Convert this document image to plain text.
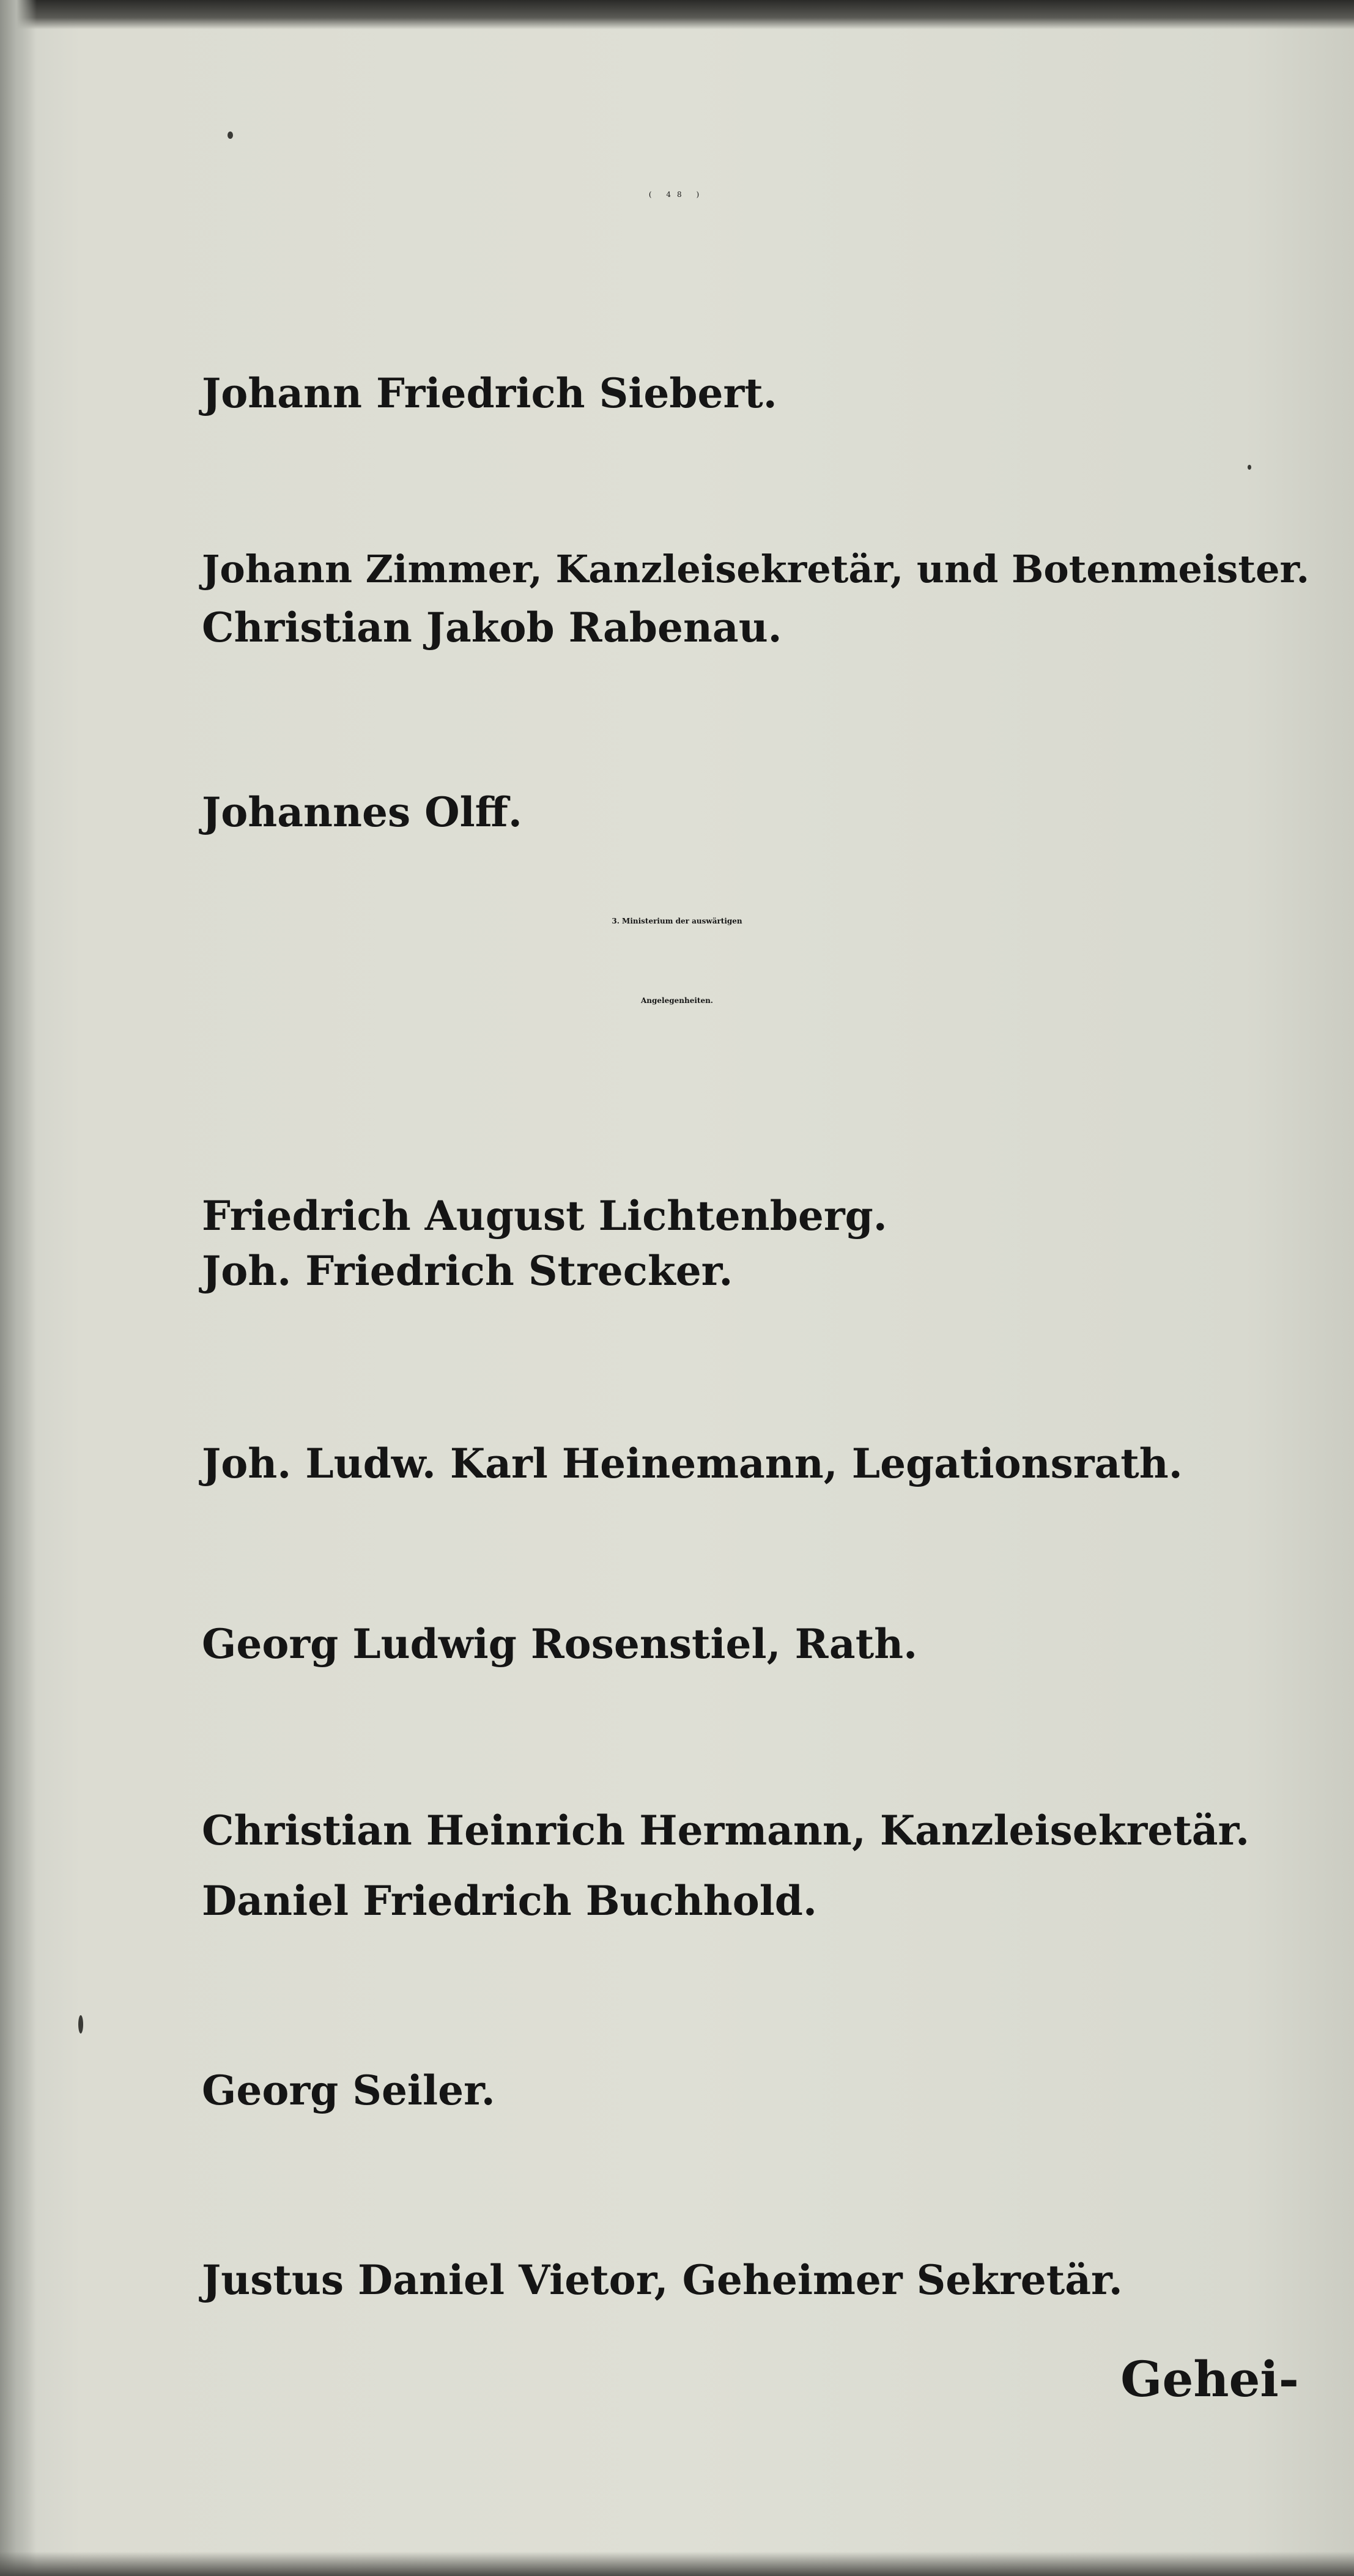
( 48 )

Johann Friedrich Siebert.

Johann Zimmer, Kanzleisekretär, und Botenmeister.

Christian Jakob Rabenau.

Johannes Olff.

3. Ministerium der auswärtigen

Angelegenheiten.

Friedrich August Lichtenberg.

Joh. Friedrich Strecker.

Joh. Ludw. Karl Heinemann, Legationsrath.

Georg Ludwig Rosenstiel, Rath.

Christian Heinrich Hermann, Kanzleisekretär.

Daniel Friedrich Buchhold.

Georg Seiler.

Justus Daniel Vietor, Geheimer Sekretär.

Gehei-
